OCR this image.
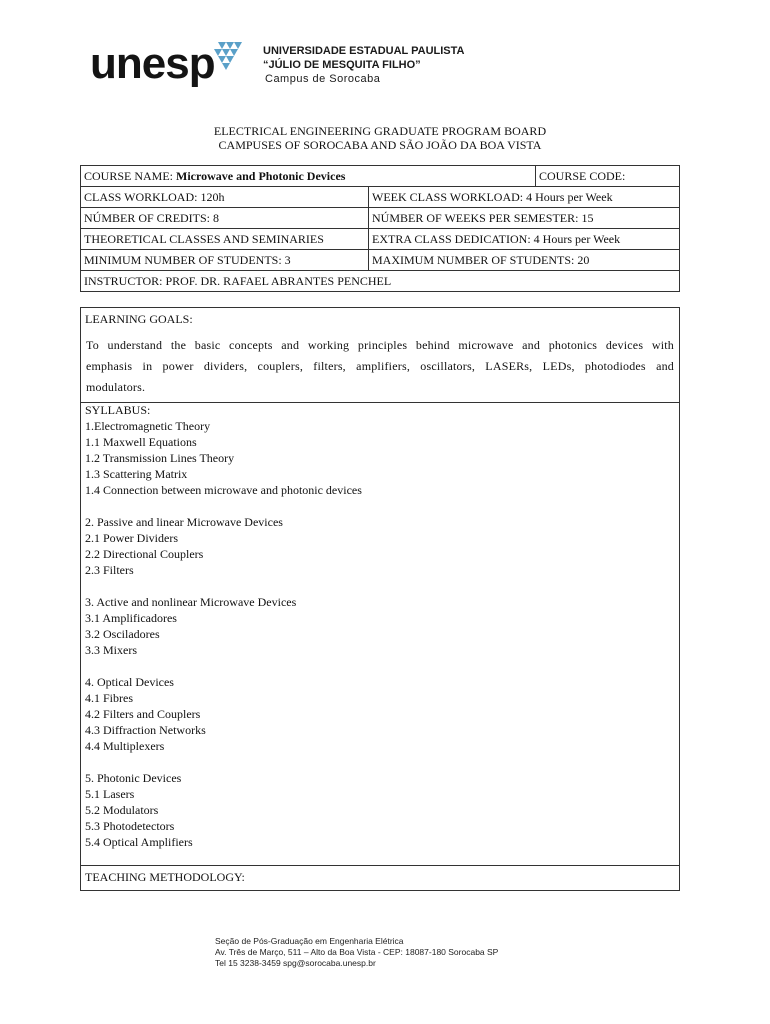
unesp	UNIVERSIDADE ESTADUAL PAULISTA
“JÚLIO DE MESQUITA FILHO”
Campus de Sorocaba
ELECTRICAL ENGINEERING GRADUATE PROGRAM BOARD
CAMPUSES OF SOROCABA AND SÃO JOÃO DA BOA VISTA
COURSE NAME: Microwave and Photonic Devices		COURSE CODE:
CLASS WORKLOAD: 120h	WEEK CLASS WORKLOAD: 4 Hours per Week	
NÚMBER OF CREDITS: 8	NÚMBER OF WEEKS PER SEMESTER: 15	
THEORETICAL CLASSES AND SEMINARIES	EXTRA CLASS DEDICATION: 4 Hours per Week	
MINIMUM NUMBER OF STUDENTS: 3	MAXIMUM NUMBER OF STUDENTS: 20	
INSTRUCTOR: PROF. DR. RAFAEL ABRANTES PENCHEL		
LEARNING GOALS:

To understand the basic concepts and working principles behind microwave and photonics devices with emphasis in power dividers, couplers, filters, amplifiers, oscillators, LASERs, LEDs, photodiodes and modulators.

SYLLABUS:
1.Electromagnetic Theory
1.1 Maxwell Equations
1.2 Transmission Lines Theory
1.3 Scattering Matrix
1.4 Connection between microwave and photonic devices
2. Passive and linear Microwave Devices
2.1 Power Dividers
2.2 Directional Couplers
2.3 Filters
3. Active and nonlinear Microwave Devices
3.1 Amplificadores
3.2 Osciladores
3.3 Mixers
4. Optical Devices
4.1 Fibres
4.2 Filters and Couplers
4.3 Diffraction Networks
4.4 Multiplexers
5. Photonic Devices
5.1 Lasers
5.2 Modulators
5.3 Photodetectors
5.4 Optical Amplifiers
TEACHING METHODOLOGY:
Seção de Pós-Graduação em Engenharia Elétrica
Av. Três de Março, 511 – Alto da Boa Vista - CEP: 18087-180 Sorocaba SP
Tel 15 3238-3459 spg@sorocaba.unesp.br
